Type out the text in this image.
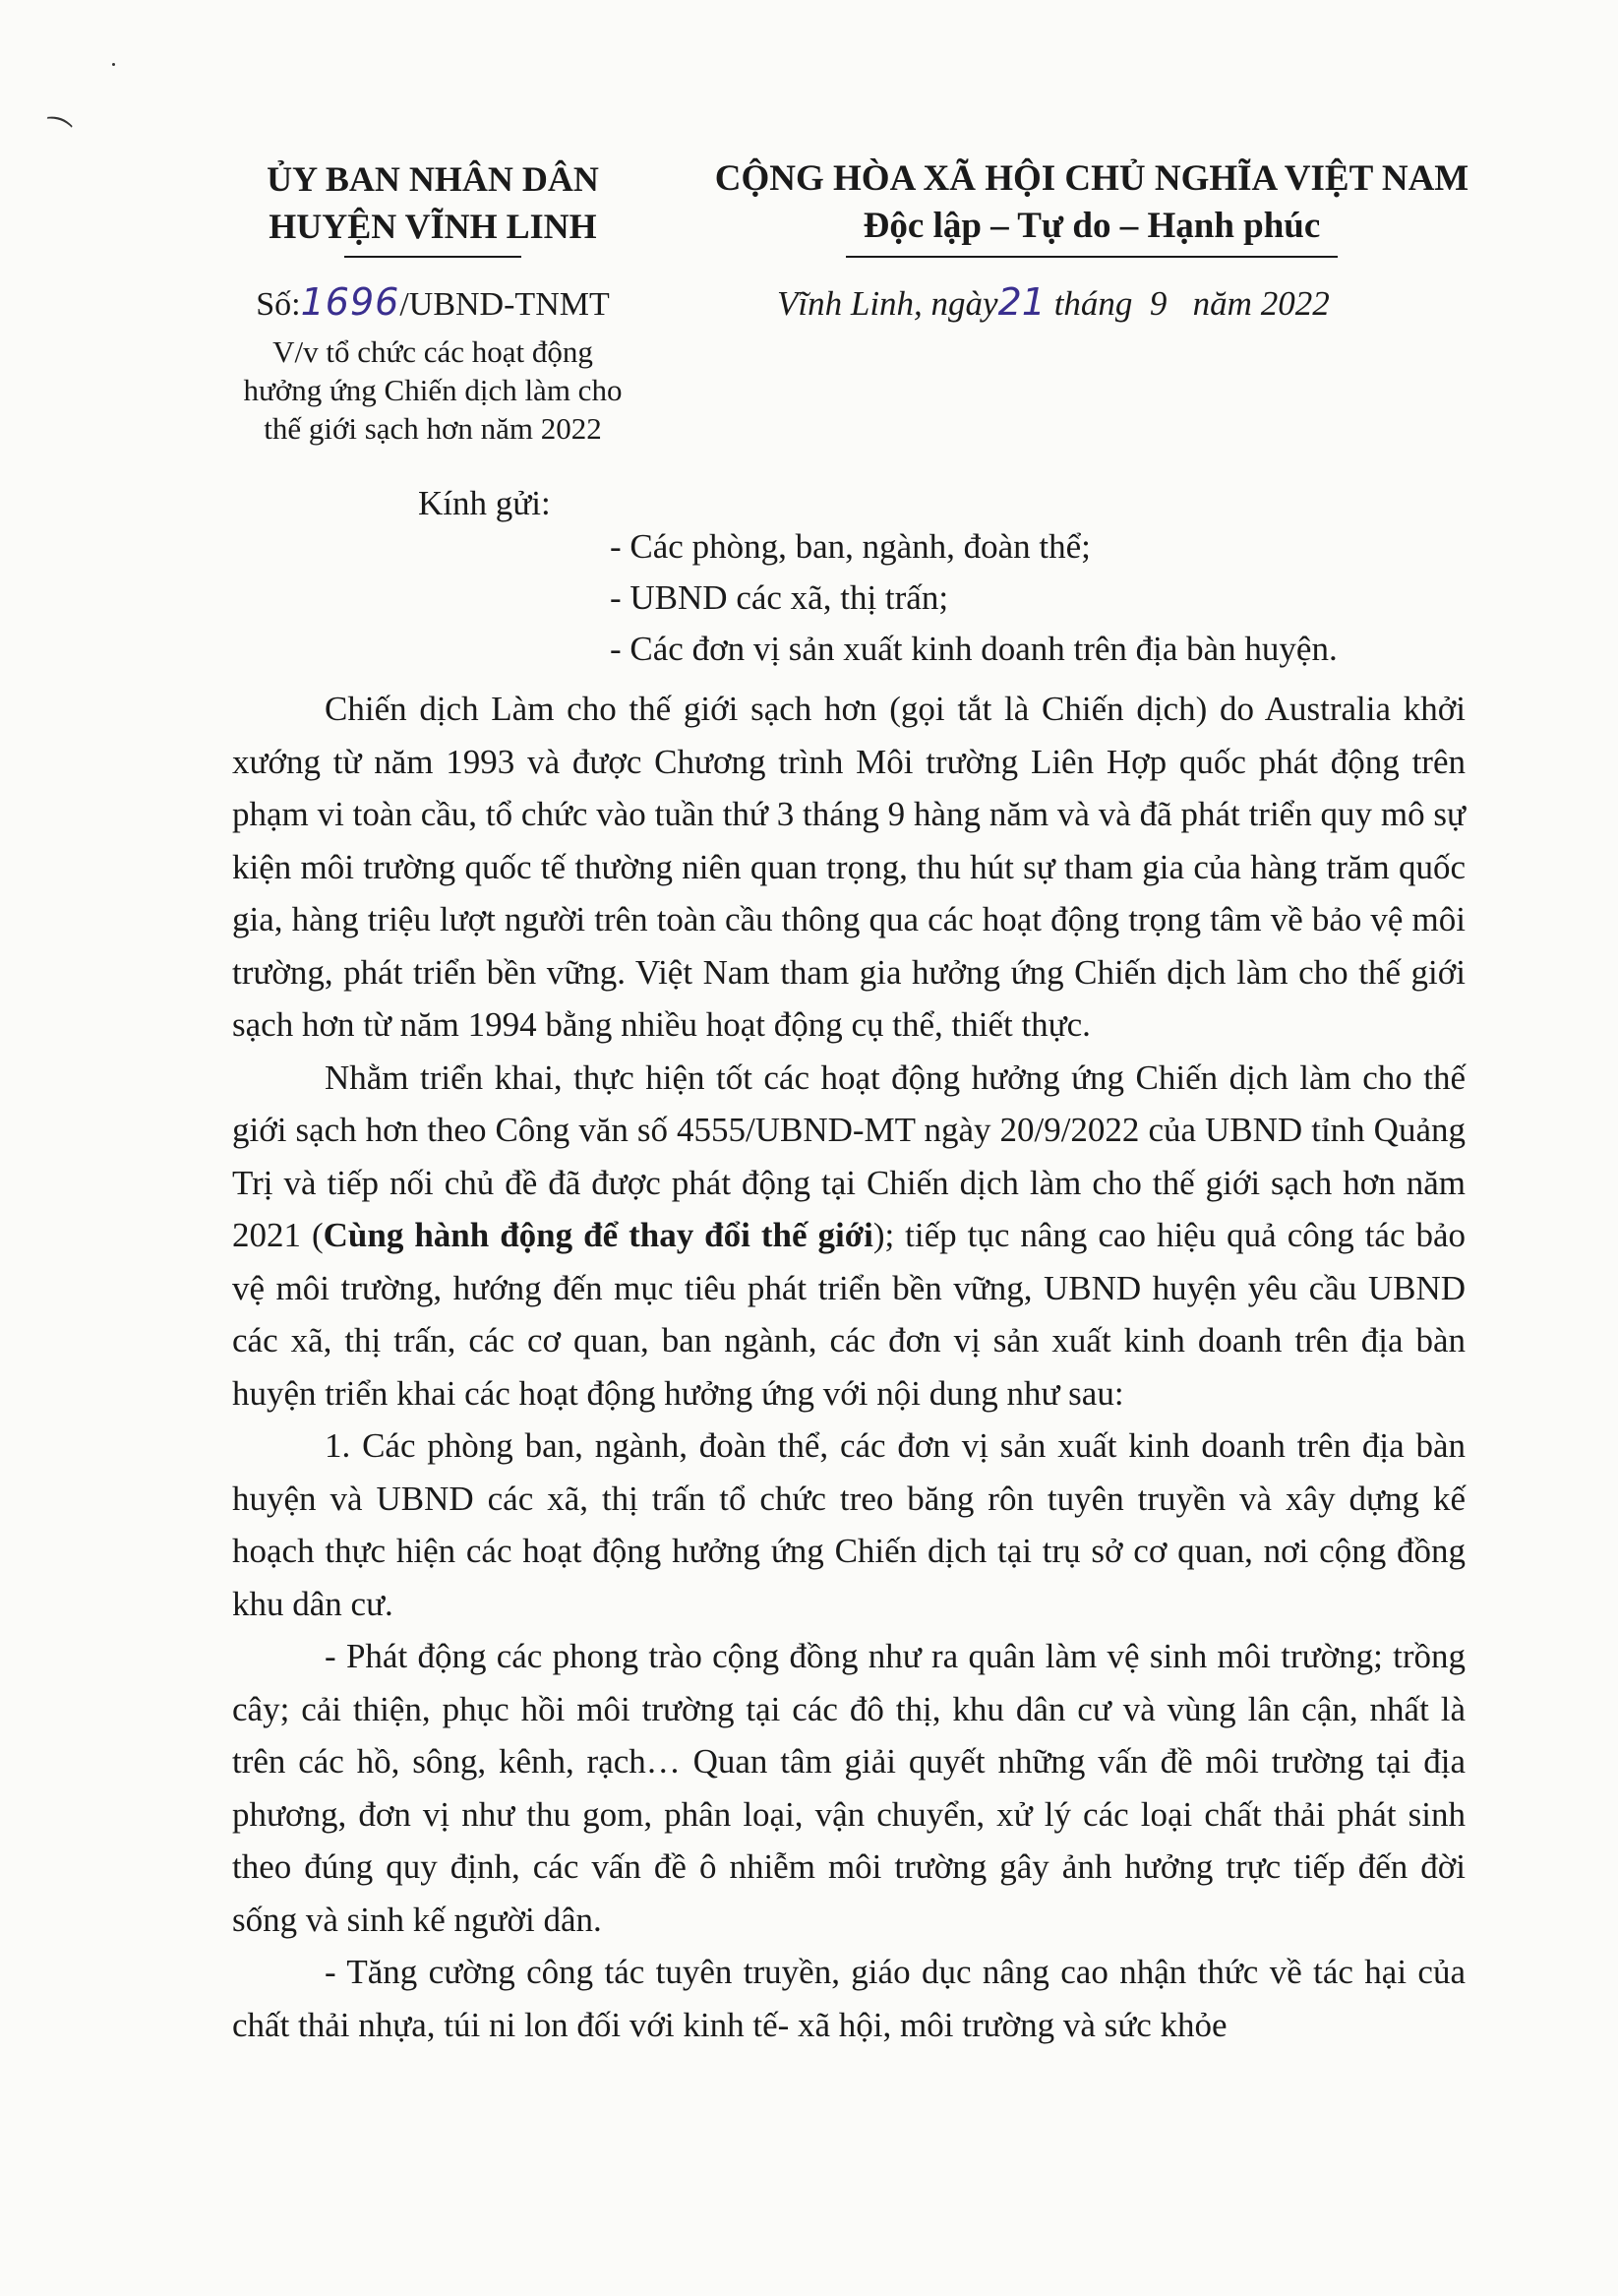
⁔
ỦY BAN NHÂN DÂN
HUYỆN VĨNH LINH
CỘNG HÒA XÃ HỘI CHỦ NGHĨA VIỆT NAM
Độc lập – Tự do – Hạnh phúc
Số:1696/UBND-TNMT
V/v tổ chức các hoạt động
hưởng ứng Chiến dịch làm cho
thế giới sạch hơn năm 2022
Vĩnh Linh, ngày21 tháng  9   năm 2022
Kính gửi:
- Các phòng, ban, ngành, đoàn thể;
- UBND các xã, thị trấn;
- Các đơn vị sản xuất kinh doanh trên địa bàn huyện.

Chiến dịch Làm cho thế giới sạch hơn (gọi tắt là Chiến dịch) do Australia khởi xướng từ năm 1993 và được Chương trình Môi trường Liên Hợp quốc phát động trên phạm vi toàn cầu, tổ chức vào tuần thứ 3 tháng 9 hàng năm và và đã phát triển quy mô sự kiện môi trường quốc tế thường niên quan trọng, thu hút sự tham gia của hàng trăm quốc gia, hàng triệu lượt người trên toàn cầu thông qua các hoạt động trọng tâm về bảo vệ môi trường, phát triển bền vững. Việt Nam tham gia hưởng ứng Chiến dịch làm cho thế giới sạch hơn từ năm 1994 bằng nhiều hoạt động cụ thể, thiết thực.

Nhằm triển khai, thực hiện tốt các hoạt động hưởng ứng Chiến dịch làm cho thế giới sạch hơn theo Công văn số 4555/UBND-MT ngày 20/9/2022 của UBND tỉnh Quảng Trị và tiếp nối chủ đề đã được phát động tại Chiến dịch làm cho thế giới sạch hơn năm 2021 (Cùng hành động để thay đổi thế giới); tiếp tục nâng cao hiệu quả công tác bảo vệ môi trường, hướng đến mục tiêu phát triển bền vững, UBND huyện yêu cầu UBND các xã, thị trấn, các cơ quan, ban ngành, các đơn vị sản xuất kinh doanh trên địa bàn huyện triển khai các hoạt động hưởng ứng với nội dung như sau:

1. Các phòng ban, ngành, đoàn thể, các đơn vị sản xuất kinh doanh trên địa bàn huyện và UBND các xã, thị trấn tổ chức treo băng rôn tuyên truyền và xây dựng kế hoạch thực hiện các hoạt động hưởng ứng Chiến dịch tại trụ sở cơ quan, nơi cộng đồng khu dân cư.

- Phát động các phong trào cộng đồng như ra quân làm vệ sinh môi trường; trồng cây; cải thiện, phục hồi môi trường tại các đô thị, khu dân cư và vùng lân cận, nhất là trên các hồ, sông, kênh, rạch… Quan tâm giải quyết những vấn đề môi trường tại địa phương, đơn vị như thu gom, phân loại, vận chuyển, xử lý các loại chất thải phát sinh theo đúng quy định, các vấn đề ô nhiễm môi trường gây ảnh hưởng trực tiếp đến đời sống và sinh kế người dân.

- Tăng cường công tác tuyên truyền, giáo dục nâng cao nhận thức về tác hại của chất thải nhựa, túi ni lon đối với kinh tế- xã hội, môi trường và sức khỏe
